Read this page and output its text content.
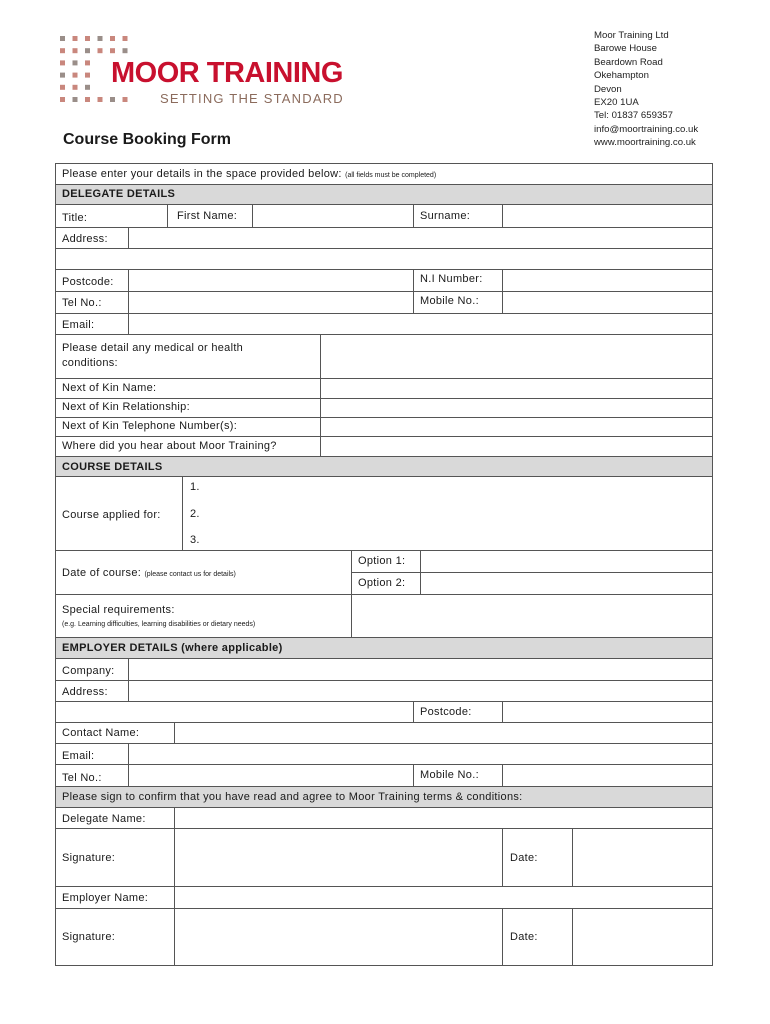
MOOR TRAINING
SETTING THE STANDARD
Moor Training Ltd
Barowe House
Beardown Road
Okehampton
Devon
EX20 1UA
Tel: 01837 659357
info@moortraining.co.uk
www.moortraining.co.uk
Course Booking Form
Please enter your details in the space provided below: (all fields must be completed)
DELEGATE DETAILS
Title:	First Name:	Surname:
Address:
Postcode:	N.I Number:
Tel No.:	Mobile No.:
Email:
Please detail any medical or health
conditions:
Next of Kin Name:
Next of Kin Relationship:
Next of Kin Telephone Number(s):
Where did you hear about Moor Training?
COURSE DETAILS
Course applied for:
1.
2.
3.
Date of course: (please contact us for details)
Option 1:
Option 2:
Special requirements:
(e.g. Learning difficulties, learning disabilities or dietary needs)
EMPLOYER DETAILS (where applicable)
Company:
Address:
Postcode:
Contact Name:
Email:
Tel No.:	Mobile No.:
Please sign to confirm that you have read and agree to Moor Training terms & conditions:
Delegate Name:
Signature:	Date:
Employer Name:
Signature:	Date:
